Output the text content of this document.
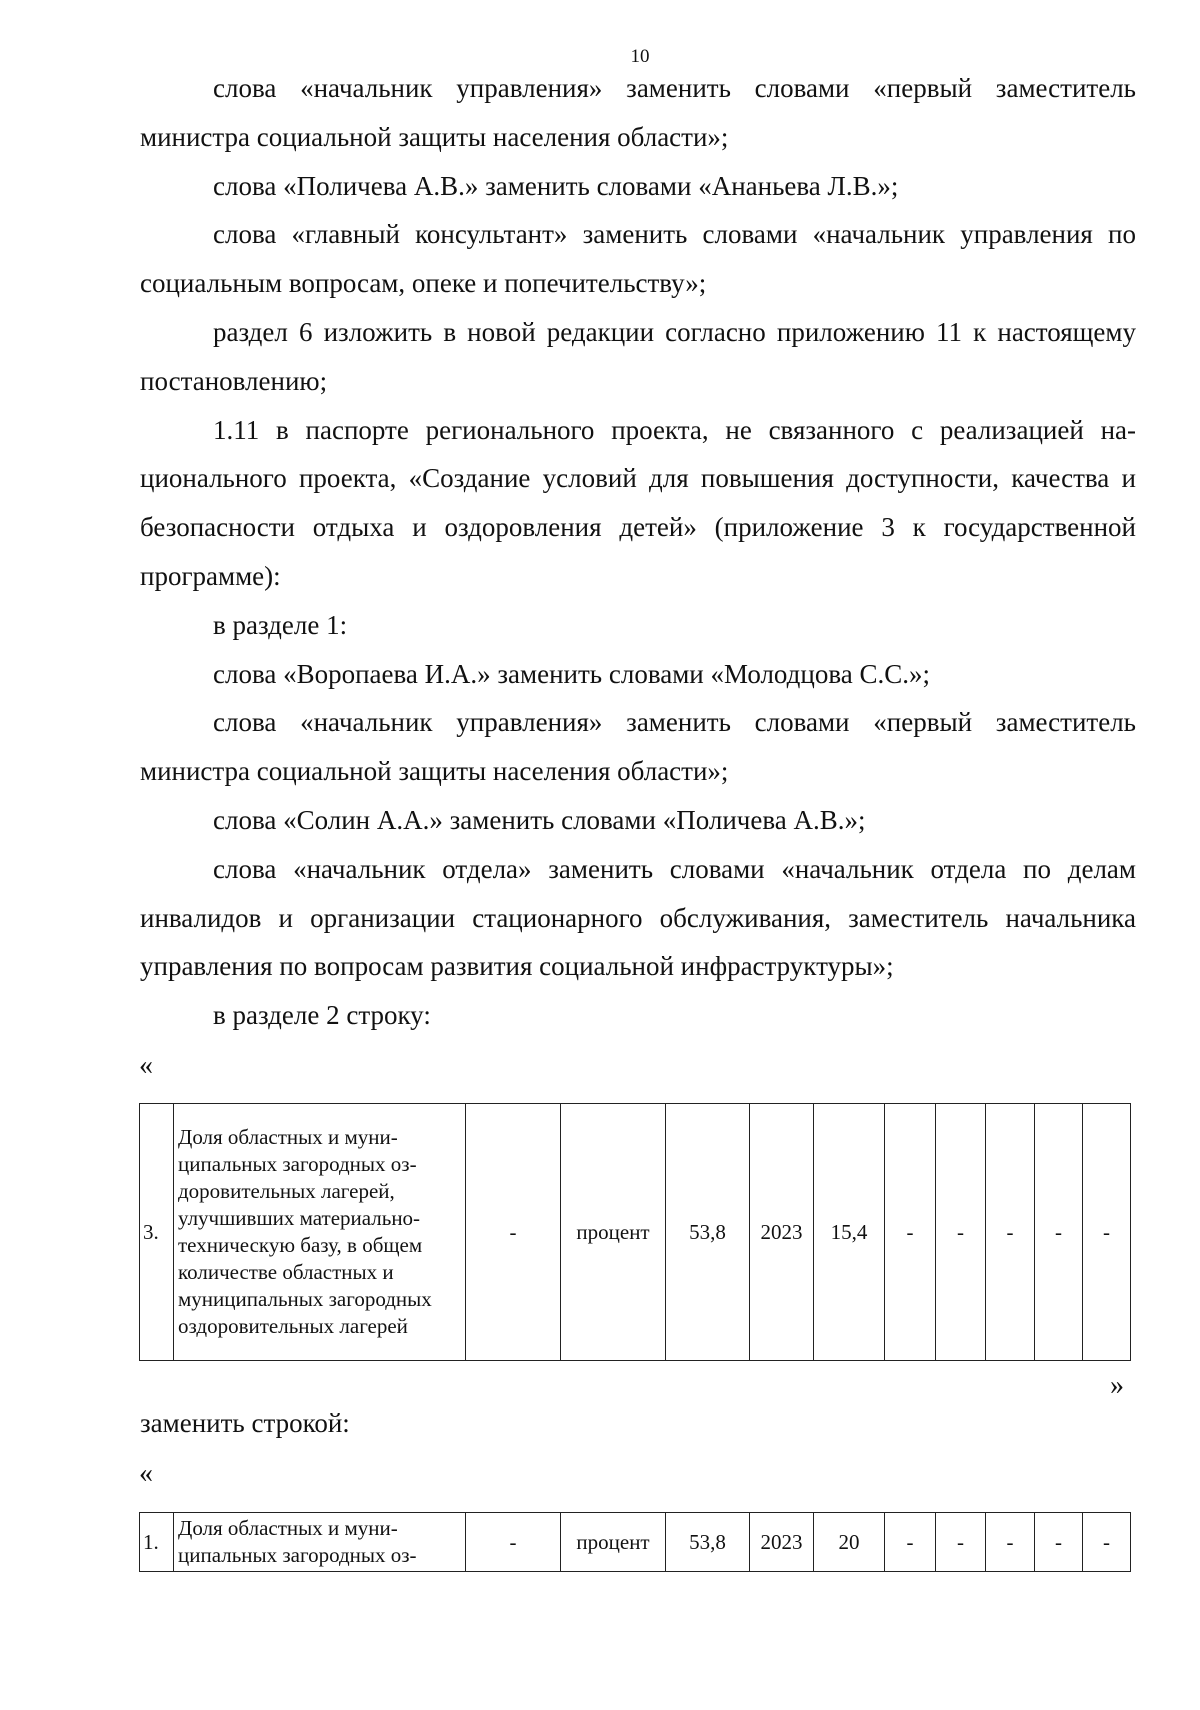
10

слова «начальник управления» заменить словами «первый заместитель министра социальной защиты населения области»;

слова «Поличева А.В.» заменить словами «Ананьева Л.В.»;

слова «главный консультант» заменить словами «начальник управления по социальным вопросам, опеке и попечительству»;

раздел 6 изложить в новой редакции согласно приложению 11 к настоящему постановлению;

1.11 в паспорте регионального проекта, не связанного с реализацией национального проекта, «Создание условий для повышения доступности, качества и безопасности отдыха и оздоровления детей» (приложение 3 к государственной программе):

в разделе 1:

слова «Воропаева И.А.» заменить словами «Молодцова С.С.»;

слова «начальник управления» заменить словами «первый заместитель министра социальной защиты населения области»;

слова «Солин А.А.» заменить словами «Поличева А.В.»;

слова «начальник отдела» заменить словами «начальник отдела по делам инвалидов и организации стационарного обслуживания, заместитель начальника управления по вопросам развития социальной инфраструктуры»;

в разделе 2 строку:

«
3.	Доля областных и муниципальных загородных оздоровительных лагерей, улучшивших материально-техническую базу, в общем количестве областных и муниципальных загородных оздоровительных лагерей	-	процент	53,8	2023	15,4	-	-	-	-	-
»
заменить строкой:
«
1.	Доля областных и муниципальных загородных оз-	-	процент	53,8	2023	20	-	-	-	-	-
